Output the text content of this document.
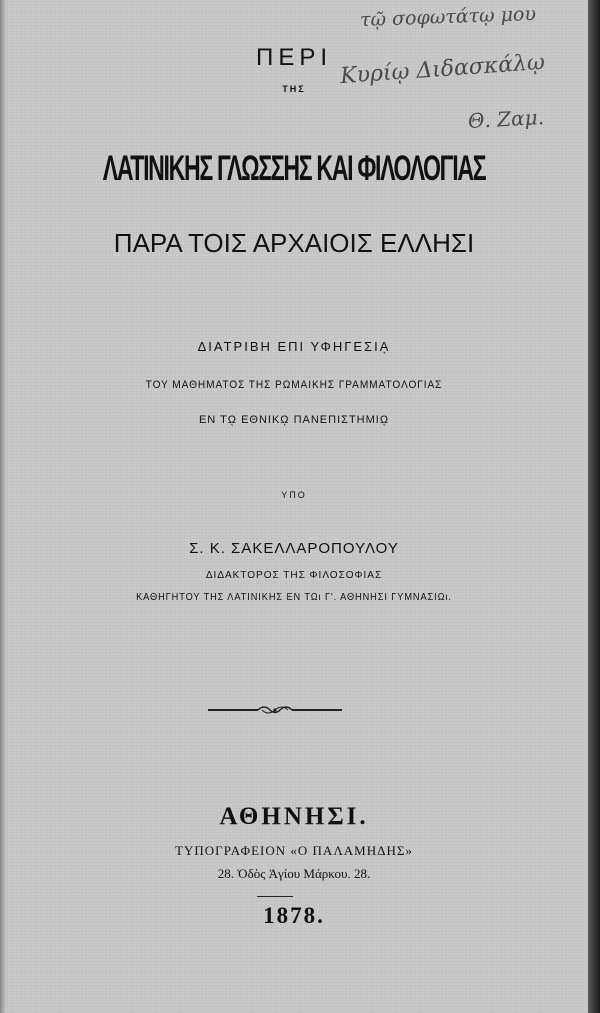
τῷ σοφωτάτῳ μου
Κυρίῳ Διδασκάλῳ
Θ. Ζαμ.
ΠΕΡΙ
ΤΗΣ
ΛΑΤΙΝΙΚΗΣ ΓΛΩΣΣΗΣ ΚΑΙ ΦΙΛΟΛΟΓΙΑΣ
ΠΑΡΑ ΤΟΙΣ ΑΡΧΑΙΟΙΣ ΕΛΛΗΣΙ
ΔΙΑΤΡΙΒΗ ΕΠΙ ΥΦΗΓΕΣΙᾼ
ΤΟΥ ΜΑΘΗΜΑΤΟΣ ΤΗΣ ΡΩΜΑΙΚΗΣ ΓΡΑΜΜΑΤΟΛΟΓΙΑΣ
ΕΝ Τῼ ΕΘΝΙΚῼ ΠΑΝΕΠΙΣΤΗΜΙῼ
ΥΠΟ
Σ. Κ. ΣΑΚΕΛΛΑΡΟΠΟΥΛΟΥ
ΔΙΔΑΚΤΟΡΟΣ ΤΗΣ ΦΙΛΟΣΟΦΙΑΣ
ΚΑΘΗΓΗΤΟΥ ΤΗΣ ΛΑΤΙΝΙΚΗΣ ΕΝ ΤΩι Γ'. ΑΘΗΝΗΣΙ ΓΥΜΝΑΣΙΩι.
ΑΘΗΝΗΣΙ.
ΤΥΠΟΓΡΑΦΕΙΟΝ «Ο ΠΑΛΑΜΗΔΗΣ»
28. Ὁδὸς Ἁγίου Μάρκου. 28.
1878.
